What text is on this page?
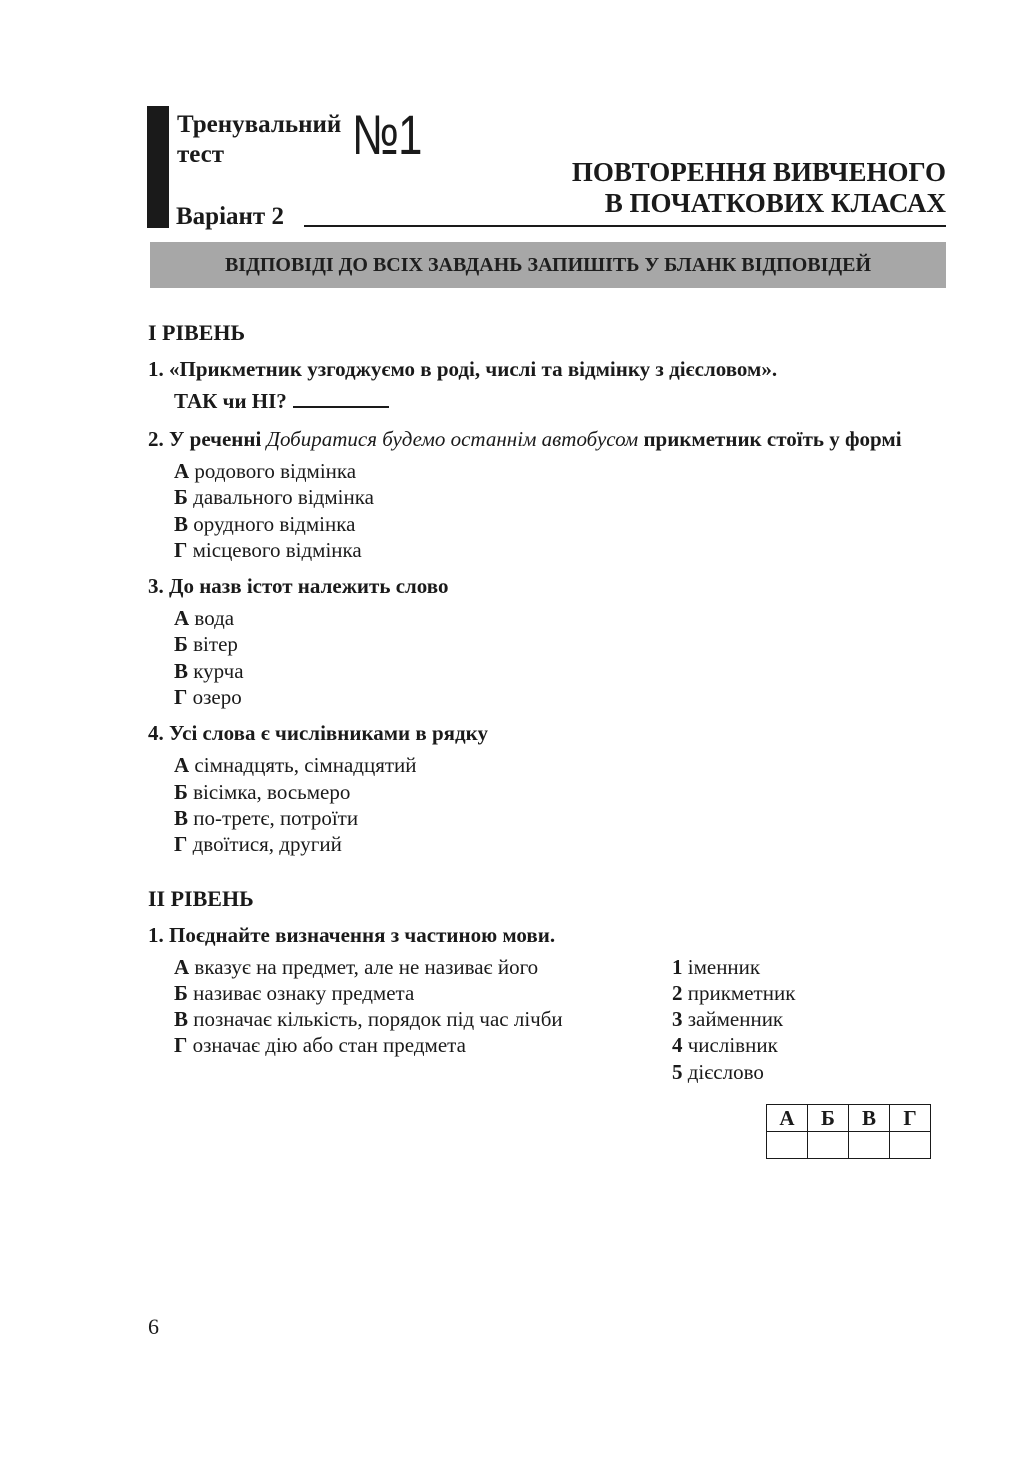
Тренувальний
тест	№1
ПОВТОРЕННЯ ВИВЧЕНОГО
В ПОЧАТКОВИХ КЛАСАХ
Варіант 2
ВІДПОВІДІ ДО ВСІХ ЗАВДАНЬ ЗАПИШІТЬ У БЛАНК ВІДПОВІДЕЙ
І РІВЕНЬ
1. «Прикметник узгоджуємо в роді, числі та відмінку з дієсловом».
ТАК чи НІ?
2. У реченні Добиратися будемо останнім автобусом прикметник стоїть у формі
А родового відмінка
Б давального відмінка
В орудного відмінка
Г місцевого відмінка
3. До назв істот належить слово
А вода
Б вітер
В курча
Г озеро
4. Усі слова є числівниками в рядку
А сімнадцять, сімнадцятий
Б вісімка, восьмеро
В по-третє, потроїти
Г двоїтися, другий
ІІ РІВЕНЬ
1. Поєднайте визначення з частиною мови.
А вказує на предмет, але не називає його
Б називає ознаку предмета
В позначає кількість, порядок під час лічби
Г означає дію або стан предмета
1 іменник
2 прикметник
3 займенник
4 числівник
5 дієслово
А	Б	В	Г

6
